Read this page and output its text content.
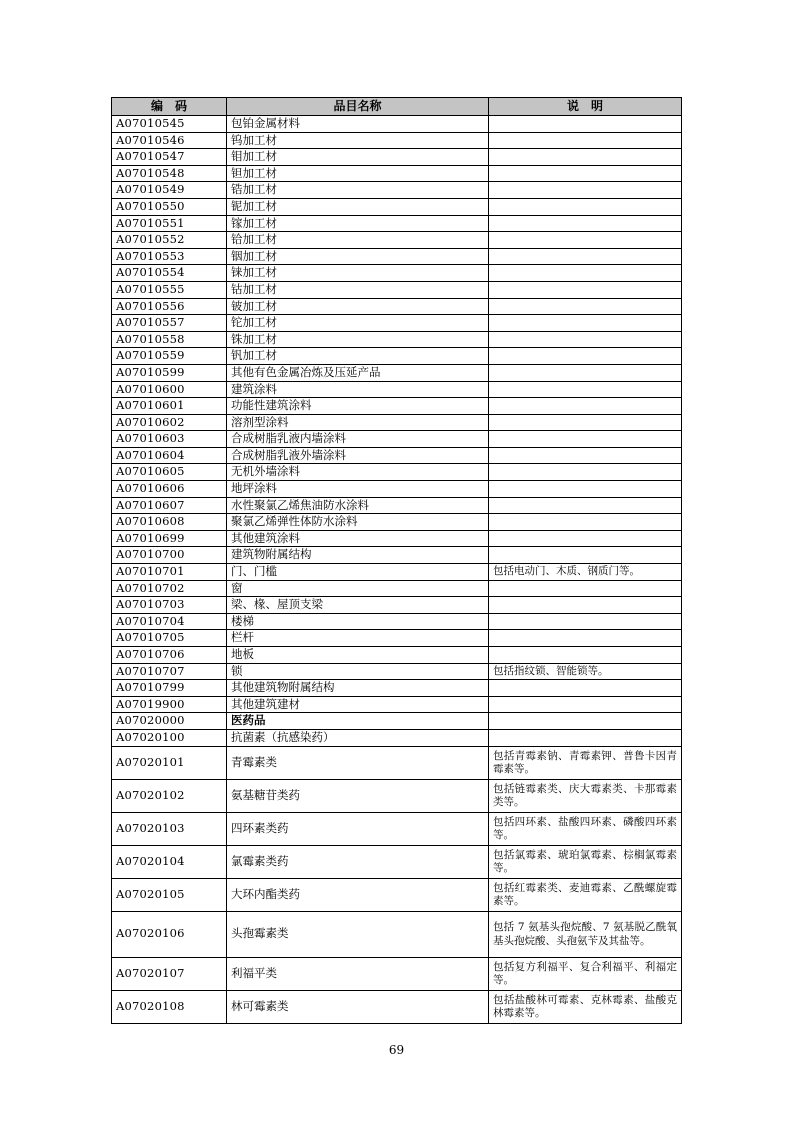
编　码	品目名称	说　明
A07010545	包铂金属材料	
A07010546	钨加工材	
A07010547	钼加工材	
A07010548	钽加工材	
A07010549	锆加工材	
A07010550	铌加工材	
A07010551	镓加工材	
A07010552	铪加工材	
A07010553	铟加工材	
A07010554	铼加工材	
A07010555	钴加工材	
A07010556	铍加工材	
A07010557	铊加工材	
A07010558	铢加工材	
A07010559	钒加工材	
A07010599	其他有色金属冶炼及压延产品	
A07010600	建筑涂料	
A07010601	功能性建筑涂料	
A07010602	溶剂型涂料	
A07010603	合成树脂乳液内墙涂料	
A07010604	合成树脂乳液外墙涂料	
A07010605	无机外墙涂料	
A07010606	地坪涂料	
A07010607	水性聚氯乙烯焦油防水涂料	
A07010608	聚氯乙烯弹性体防水涂料	
A07010699	其他建筑涂料	
A07010700	建筑物附属结构	
A07010701	门、门槛	包括电动门、木质、钢质门等。
A07010702	窗	
A07010703	梁、椽、屋顶支梁	
A07010704	楼梯	
A07010705	栏杆	
A07010706	地板	
A07010707	锁	包括指纹锁、智能锁等。
A07010799	其他建筑物附属结构	
A07019900	其他建筑建材	
A07020000	医药品	
A07020100	抗菌素（抗感染药）	
A07020101	青霉素类	包括青霉素钠、青霉素钾、普鲁卡因青霉素等。
A07020102	氨基糖苷类药	包括链霉素类、庆大霉素类、卡那霉素类等。
A07020103	四环素类药	包括四环素、盐酸四环素、磷酸四环素等。
A07020104	氯霉素类药	包括氯霉素、琥珀氯霉素、棕榈氯霉素等。
A07020105	大环内酯类药	包括红霉素类、麦迪霉素、乙酰螺旋霉素等。
A07020106	头孢霉素类	包括 7 氨基头孢烷酸、7 氨基脱乙酰氧基头孢烷酸、头孢氨苄及其盐等。
A07020107	利福平类	包括复方利福平、复合利福平、利福定等。
A07020108	林可霉素类	包括盐酸林可霉素、克林霉素、盐酸克林霉素等。
69
